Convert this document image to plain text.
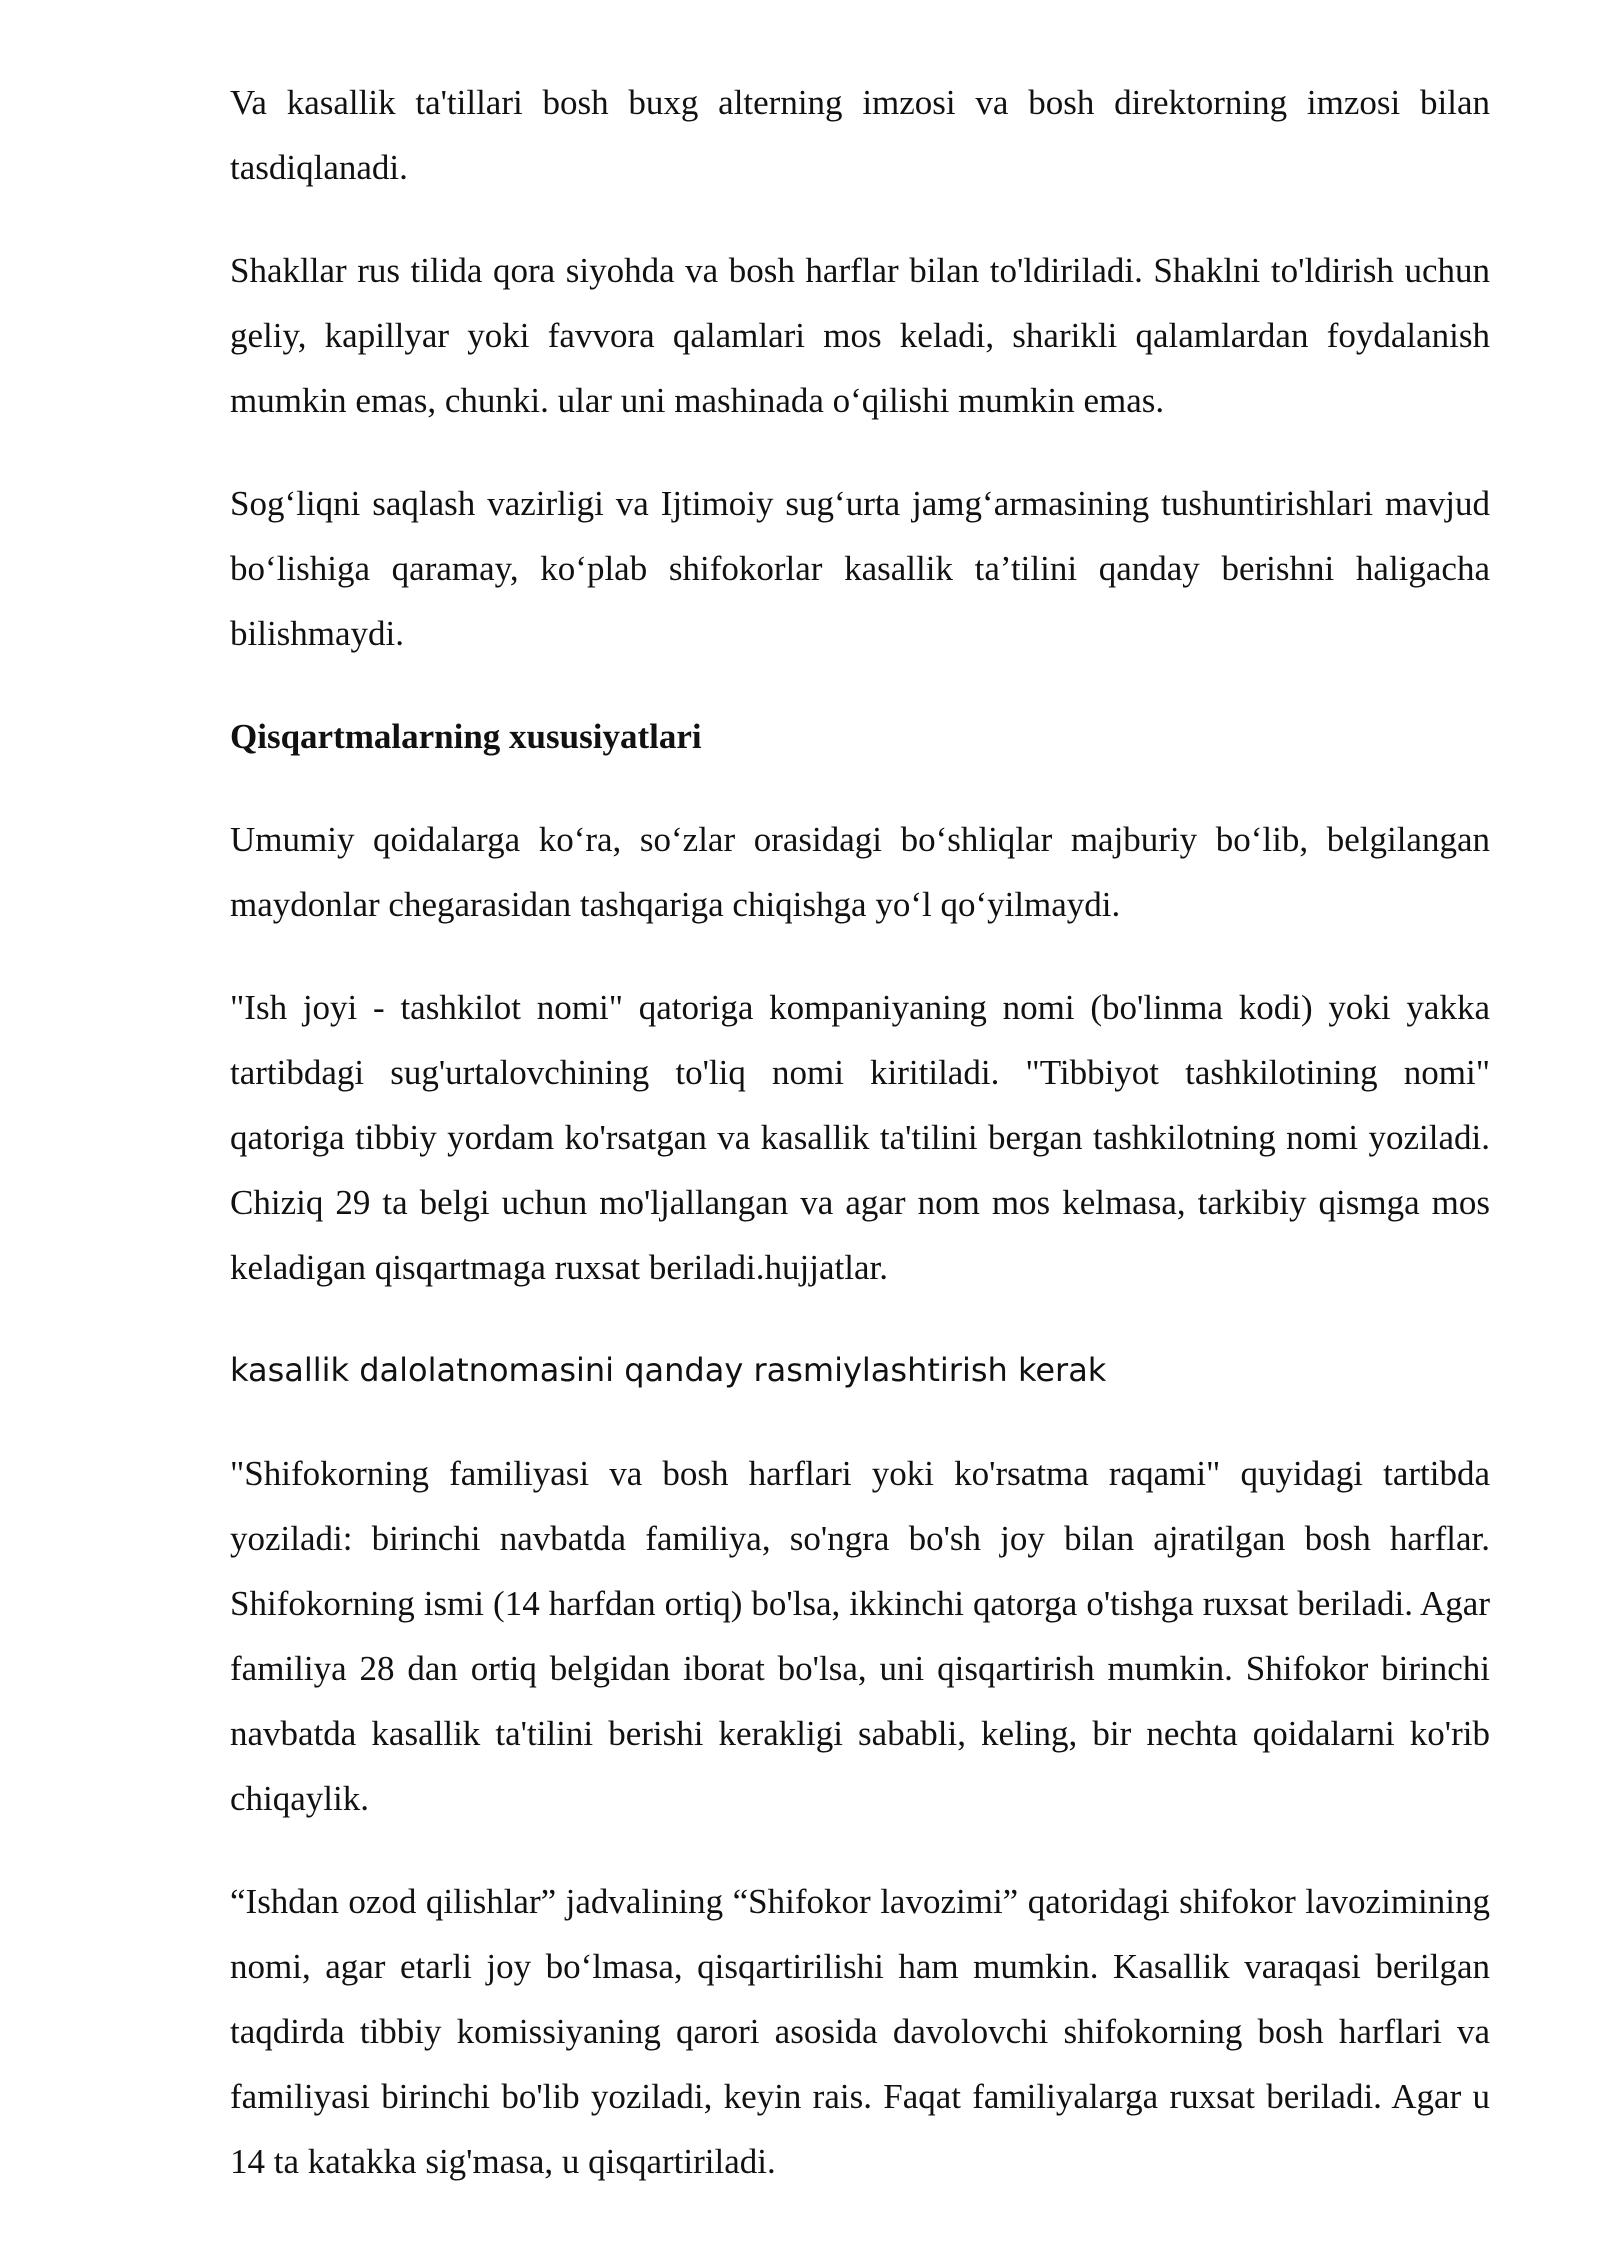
Va kasallik ta'tillari bosh buxg alterning imzosi va bosh direktorning imzosi bilan tasdiqlanadi.

Shakllar rus tilida qora siyohda va bosh harflar bilan to'ldiriladi. Shaklni to'ldirish uchun geliy, kapillyar yoki favvora qalamlari mos keladi, sharikli qalamlardan foydalanish mumkin emas, chunki. ular uni mashinada o‘qilishi mumkin emas.

Sog‘liqni saqlash vazirligi va Ijtimoiy sug‘urta jamg‘armasining tushuntirishlari mavjud bo‘lishiga qaramay, ko‘plab shifokorlar kasallik ta’tilini qanday berishni haligacha bilishmaydi.

Qisqartmalarning xususiyatlari

Umumiy qoidalarga ko‘ra, so‘zlar orasidagi bo‘shliqlar majburiy bo‘lib, belgilangan maydonlar chegarasidan tashqariga chiqishga yo‘l qo‘yilmaydi.

"Ish joyi - tashkilot nomi" qatoriga kompaniyaning nomi (bo'linma kodi) yoki yakka tartibdagi sug'urtalovchining to'liq nomi kiritiladi. "Tibbiyot tashkilotining nomi" qatoriga tibbiy yordam ko'rsatgan va kasallik ta'tilini bergan tashkilotning nomi yoziladi. Chiziq 29 ta belgi uchun mo'ljallangan va agar nom mos kelmasa, tarkibiy qismga mos keladigan qisqartmaga ruxsat beriladi.hujjatlar.

kasallik dalolatnomasini qanday rasmiylashtirish kerak

"Shifokorning familiyasi va bosh harflari yoki ko'rsatma raqami" quyidagi tartibda yoziladi: birinchi navbatda familiya, so'ngra bo'sh joy bilan ajratilgan bosh harflar. Shifokorning ismi (14 harfdan ortiq) bo'lsa, ikkinchi qatorga o'tishga ruxsat beriladi. Agar familiya 28 dan ortiq belgidan iborat bo'lsa, uni qisqartirish mumkin. Shifokor birinchi navbatda kasallik ta'tilini berishi kerakligi sababli, keling, bir nechta qoidalarni ko'rib chiqaylik.

“Ishdan ozod qilishlar” jadvalining “Shifokor lavozimi” qatoridagi shifokor lavozimining nomi, agar etarli joy bo‘lmasa, qisqartirilishi ham mumkin. Kasallik varaqasi berilgan taqdirda tibbiy komissiyaning qarori asosida davolovchi shifokorning bosh harflari va familiyasi birinchi bo'lib yoziladi, keyin rais. Faqat familiyalarga ruxsat beriladi. Agar u 14 ta katakka sig'masa, u qisqartiriladi.
